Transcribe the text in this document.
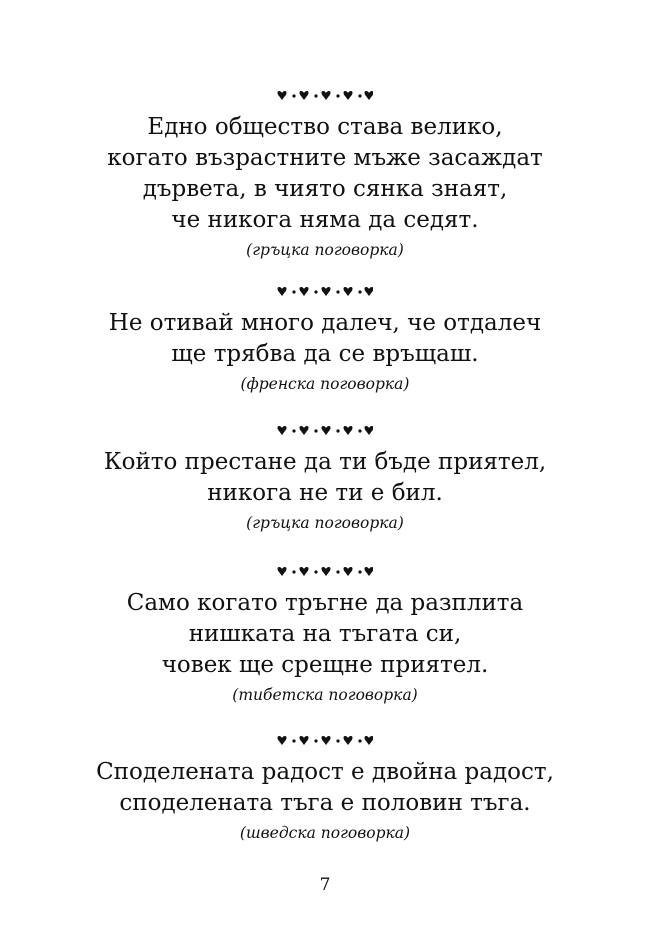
Едно общество става велико,
когато възрастните мъже засаждат
дървета, в чиято сянка знаят,
че никога няма да седят.
(гръцка поговорка)
Не отивай много далеч, че отдалеч
ще трябва да се връщаш.
(френска поговорка)
Който престане да ти бъде приятел,
никога не ти е бил.
(гръцка поговорка)
Само когато тръгне да разплита
нишката на тъгата си,
човек ще срещне приятел.
(тибетска поговорка)
Споделената радост е двойна радост,
споделената тъга е половин тъга.
(шведска поговорка)
7
